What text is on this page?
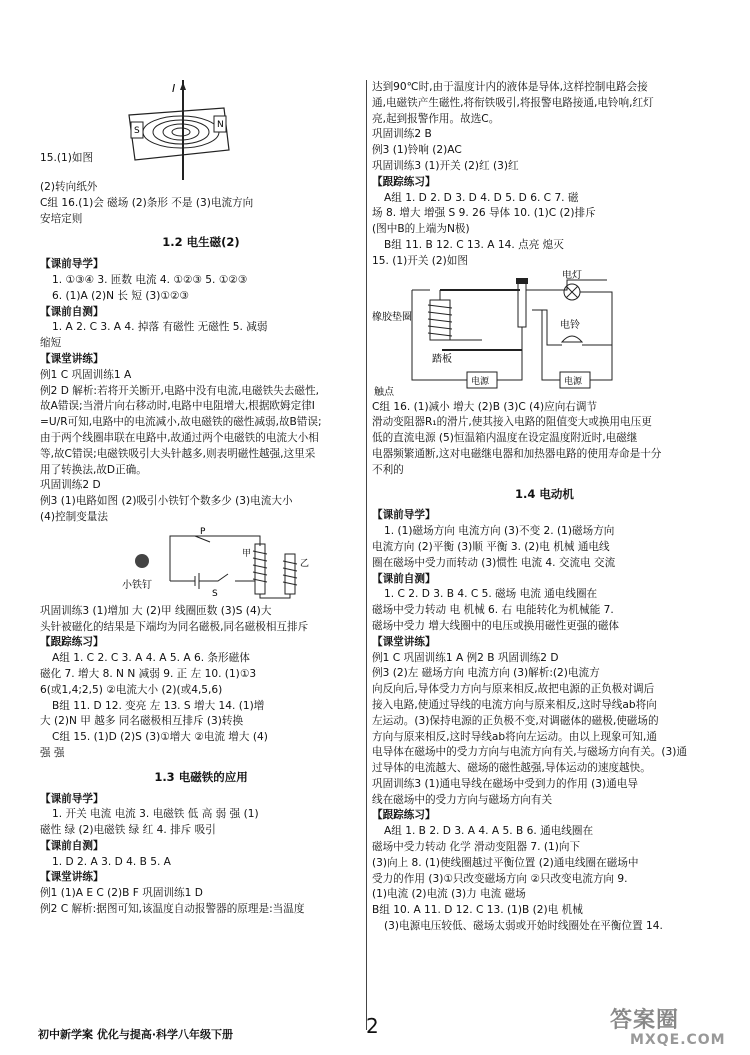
15.(1)如图
I
N
S
(2)转向纸外
C组 16.(1)会 磁场 (2)条形 不是 (3)电流方向
安培定则
1.2 电生磁(2)
【课前导学】
1. ①③④ 3. 匝数 电流 4. ①②③ 5. ①②③
6. (1)A (2)N 长 短 (3)①②③
【课前自测】
1. A 2. C 3. A 4. 掉落 有磁性 无磁性 5. 减弱
缩短
【课堂讲练】
例1 C 巩固训练1 A
例2 D 解析:若将开关断开,电路中没有电流,电磁铁失去磁性,
故A错误;当滑片向右移动时,电路中电阻增大,根据欧姆定律I
=U/R可知,电路中的电流减小,故电磁铁的磁性减弱,故B错误;
由于两个线圈串联在电路中,故通过两个电磁铁的电流大小相
等,故C错误;电磁铁吸引大头针越多,则表明磁性越强,这里采
用了转换法,故D正确。
巩固训练2 D
例3 (1)电路如图 (2)吸引小铁钉个数多少 (3)电流大小
(4)控制变量法
小铁钉
P
S
甲
乙
巩固训练3 (1)增加 大 (2)甲 线圈匝数 (3)S (4)大
头针被磁化的结果是下端均为同名磁极,同名磁极相互排斥
【跟踪练习】
A组 1. C 2. C 3. A 4. A 5. A 6. 条形磁体
磁化 7. 增大 8. N N 减弱 9. 正 左 10. (1)①3
6(或1,4;2,5) ②电流大小 (2)(或4,5,6)
B组 11. D 12. 变亮 左 13. S 增大 14. (1)增
大 (2)N 甲 越多 同名磁极相互排斥 (3)转换
C组 15. (1)D (2)S (3)①增大 ②电流 增大 (4)
强 强
1.3 电磁铁的应用
【课前导学】
1. 开关 电流 电流 3. 电磁铁 低 高 弱 强 (1)
磁性 绿 (2)电磁铁 绿 红 4. 排斥 吸引
【课前自测】
1. D 2. A 3. D 4. B 5. A
【课堂讲练】
例1 (1)A E C (2)B F 巩固训练1 D
例2 C 解析:据图可知,该温度自动报警器的原理是:当温度
达到90℃时,由于温度计内的液体是导体,这样控制电路会接
通,电磁铁产生磁性,将衔铁吸引,将报警电路接通,电铃响,红灯
亮,起到报警作用。故选C。
巩固训练2 B
例3 (1)铃响 (2)AC
巩固训练3 (1)开关 (2)红 (3)红
【跟踪练习】
A组 1. D 2. D 3. D 4. D 5. D 6. C 7. 磁
场 8. 增大 增强 S 9. 26 导体 10. (1)C (2)排斥
(图中B的上端为N极)
B组 11. B 12. C 13. A 14. 点亮 熄灭
15. (1)开关 (2)如图
橡胶垫圈
踏板
触点
电源
电灯
电铃
电源
C组 16. (1)减小 增大 (2)B (3)C (4)应向右调节
滑动变阻器R₁的滑片,使其接入电路的阻值变大或换用电压更
低的直流电源 (5)恒温箱内温度在设定温度附近时,电磁继
电器频繁通断,这对电磁继电器和加热器电路的使用寿命是十分
不利的
1.4 电动机
【课前导学】
1. (1)磁场方向 电流方向 (3)不变 2. (1)磁场方向
电流方向 (2)平衡 (3)顺 平衡 3. (2)电 机械 通电线
圈在磁场中受力而转动 (3)惯性 电流 4. 交流电 交流
【课前自测】
1. C 2. D 3. B 4. C 5. 磁场 电流 通电线圈在
磁场中受力转动 电 机械 6. 右 电能转化为机械能 7.
磁场中受力 增大线圈中的电压或换用磁性更强的磁体
【课堂讲练】
例1 C 巩固训练1 A 例2 B 巩固训练2 D
例3 (2)左 磁场方向 电流方向 (3)解析:(2)电流方
向反向后,导体受力方向与原来相反,故把电源的正负极对调后
接入电路,使通过导线的电流方向与原来相反,这时导线ab将向
左运动。(3)保持电源的正负极不变,对调磁体的磁极,使磁场的
方向与原来相反,这时导线ab将向左运动。由以上现象可知,通
电导体在磁场中的受力方向与电流方向有关,与磁场方向有关。(3)通
过导体的电流越大、磁场的磁性越强,导体运动的速度越快。
巩固训练3 (1)通电导线在磁场中受到力的作用 (3)通电导
线在磁场中的受力方向与磁场方向有关
【跟踪练习】
A组 1. B 2. D 3. A 4. A 5. B 6. 通电线圈在
磁场中受力转动 化学 滑动变阻器 7. (1)向下
(3)向上 8. (1)使线圈越过平衡位置 (2)通电线圈在磁场中
受力的作用 (3)①只改变磁场方向 ②只改变电流方向 9.
(1)电流 (2)电流 (3)力 电流 磁场
B组 10. A 11. D 12. C 13. (1)B (2)电 机械
(3)电源电压较低、磁场太弱或开始时线圈处在平衡位置 14.
初中新学案 优化与提高·科学八年级下册	2	答案圈
MXQE.COM
